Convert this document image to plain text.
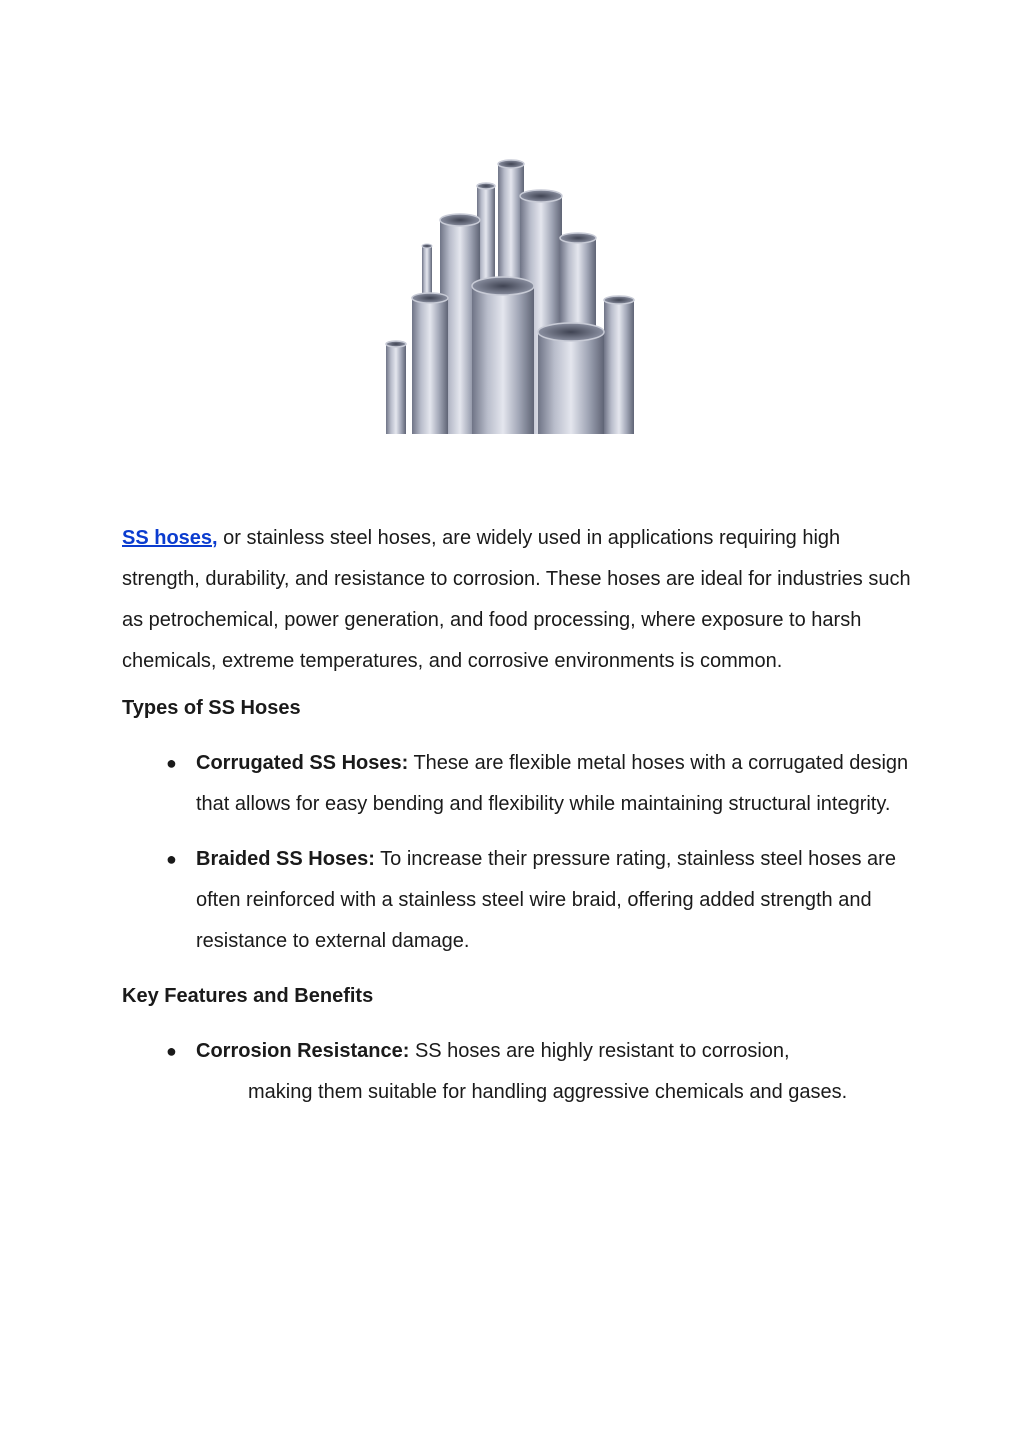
SS hoses, or stainless steel hoses, are widely used in applications requiring high strength, durability, and resistance to corrosion. These hoses are ideal for industries such as petrochemical, power generation, and food processing, where exposure to harsh chemicals, extreme temperatures, and corrosive environments is common.

Types of SS Hoses
● Corrugated SS Hoses: These are flexible metal hoses with a corrugated design that allows for easy bending and flexibility while maintaining structural integrity.
● Braided SS Hoses: To increase their pressure rating, stainless steel hoses are often reinforced with a stainless steel wire braid, offering added strength and resistance to external damage.
Key Features and Benefits
● Corrosion Resistance: SS hoses are highly resistant to corrosion,
making them suitable for handling aggressive chemicals and gases.
